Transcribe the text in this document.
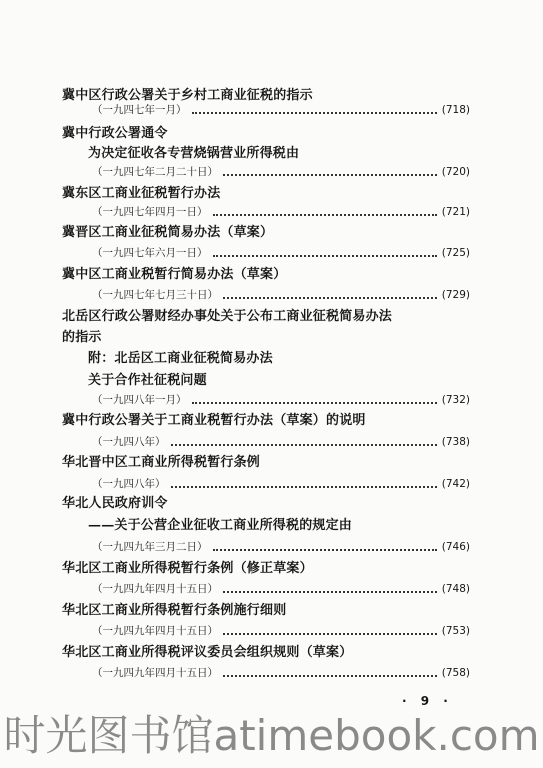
冀中区行政公署关于乡村工商业征税的指示
（一九四七年一月）	(718)
冀中行政公署通令
为决定征收各专营烧锅营业所得税由
（一九四七年二月二十日）	(720)
冀东区工商业征税暂行办法
（一九四七年四月一日）	(721)
冀晋区工商业征税简易办法（草案）
（一九四七年六月一日）	(725)
冀中区工商业税暂行简易办法（草案）
（一九四七年七月三十日）	(729)
北岳区行政公署财经办事处关于公布工商业征税简易办法
的指示
附：北岳区工商业征税简易办法
关于合作社征税问题
（一九四八年一月）	(732)
冀中行政公署关于工商业税暂行办法（草案）的说明
（一九四八年）	(738)
华北晋中区工商业所得税暂行条例
（一九四八年）	(742)
华北人民政府训令
——关于公营企业征收工商业所得税的规定由
（一九四九年三月二日）	(746)
华北区工商业所得税暂行条例（修正草案）
（一九四九年四月十五日）	(748)
华北区工商业所得税暂行条例施行细则
（一九四九年四月十五日）	(753)
华北区工商业所得税评议委员会组织规则（草案）
（一九四九年四月十五日）	(758)
· 9 ·
时光图书馆atimebook.com
